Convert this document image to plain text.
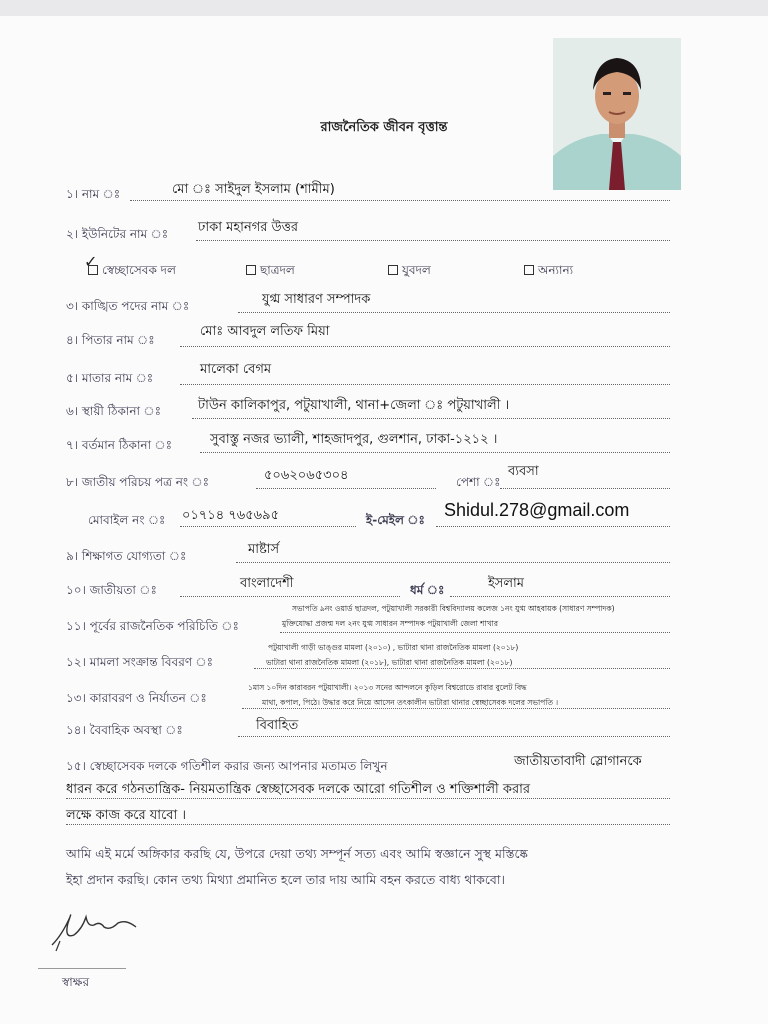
রাজনৈতিক জীবন বৃত্তান্ত
১। নাম ঃ	মো ঃ সাইদুল ইসলাম (শামীম)
২। ইউনিটের নাম ঃ ঢাকা মহানগর উত্তর
✓ স্বেচ্ছাসেবক দল	ছাত্রদল	যুবদল	অন্যান্য
৩। কাঙ্খিত পদের নাম ঃ	যুগ্ম সাধারণ সম্পাদক
৪। পিতার নাম ঃ
মোঃ আবদুল লতিফ মিয়া
৫। মাতার নাম ঃ
মালেকা বেগম
৬। স্থায়ী ঠিকানা ঃ	টাউন কালিকাপুর, পটুয়াখালী, থানা+জেলা ঃ পটুয়াখালী ।
৭। বর্তমান ঠিকানা ঃ	সুবাস্তু নজর ভ্যালী, শাহজাদপুর, গুলশান, ঢাকা-১২১২ ।
৮। জাতীয় পরিচয় পত্র নং ঃ	৫০৬২০৬৫৩০৪	পেশা ঃ
ব্যবসা
মোবাইল নং ঃ ০১৭১৪ ৭৬৫৬৯৫	ই-মেইল ঃ Shidul.278@gmail.com
৯। শিক্ষাগত যোগ্যতা ঃ	মাষ্টার্স
১০। জাতীয়তা ঃ	বাংলাদেশী	ধর্ম ঃ	ইসলাম
১১। পূর্বের রাজনৈতিক পরিচিতি ঃ
সভাপতি ৯নং ওয়ার্ড ছাত্রদল, পটুয়াখালী সরকারী বিশ্ববিদ্যালয় কলেজ ১নং যুগ্ম আহবায়ক (সাধারণ সম্পাদক)
মুক্তিযোদ্ধা প্রজন্ম দল ২নং যুগ্ম সাধারন সম্পাদক পটুয়াখালী জেলা শাখার
১২। মামলা সংক্রান্ত বিবরণ ঃ
পটুয়াখালী গাড়ী ভাঙ্গুর মামলা (২০১০) , ভাটারা থানা রাজনৈতিক মামলা (২০১৮)
ভাটারা থানা রাজনৈতিক মামলা (২০১৮), ভাটারা থানা রাজনৈতিক মামলা (২০১৮)
১৩। কারাবরণ ও নির্যাতন ঃ
১মাস ১০দিন কারাবরন পটুয়াখালী। ২০১৩ সনের আন্দলনে কুড়িল বিশ্বরোডে রাবার বুলেট বিদ্ধ
মাথা, কপাল, পিঠে। উদ্ধার করে নিয়ে আসেন তৎকালীন ভাটারা থানার স্বেচ্ছাসেবক দলের সভাপতি ।
১৪। বৈবাহিক অবস্থা ঃ	বিবাহিত
১৫। স্বেচ্ছাসেবক দলকে গতিশীল করার জন্য আপনার মতামত লিখুন	জাতীয়তাবাদী স্লোগানকে
ধারন করে গঠনতান্ত্রিক- নিয়মতান্ত্রিক স্বেচ্ছাসেবক দলকে আরো গতিশীল ও শক্তিশালী করার
লক্ষে কাজ করে যাবো ।
আমি এই মর্মে অঙ্গিকার করছি যে, উপরে দেয়া তথ্য সম্পূর্ন সত্য এবং আমি স্বজ্ঞানে সুস্থ মস্তিষ্কে
ইহা প্রদান করছি। কোন তথ্য মিথ্যা প্রমানিত হলে তার দায় আমি বহন করতে বাধ্য থাকবো।
স্বাক্ষর
